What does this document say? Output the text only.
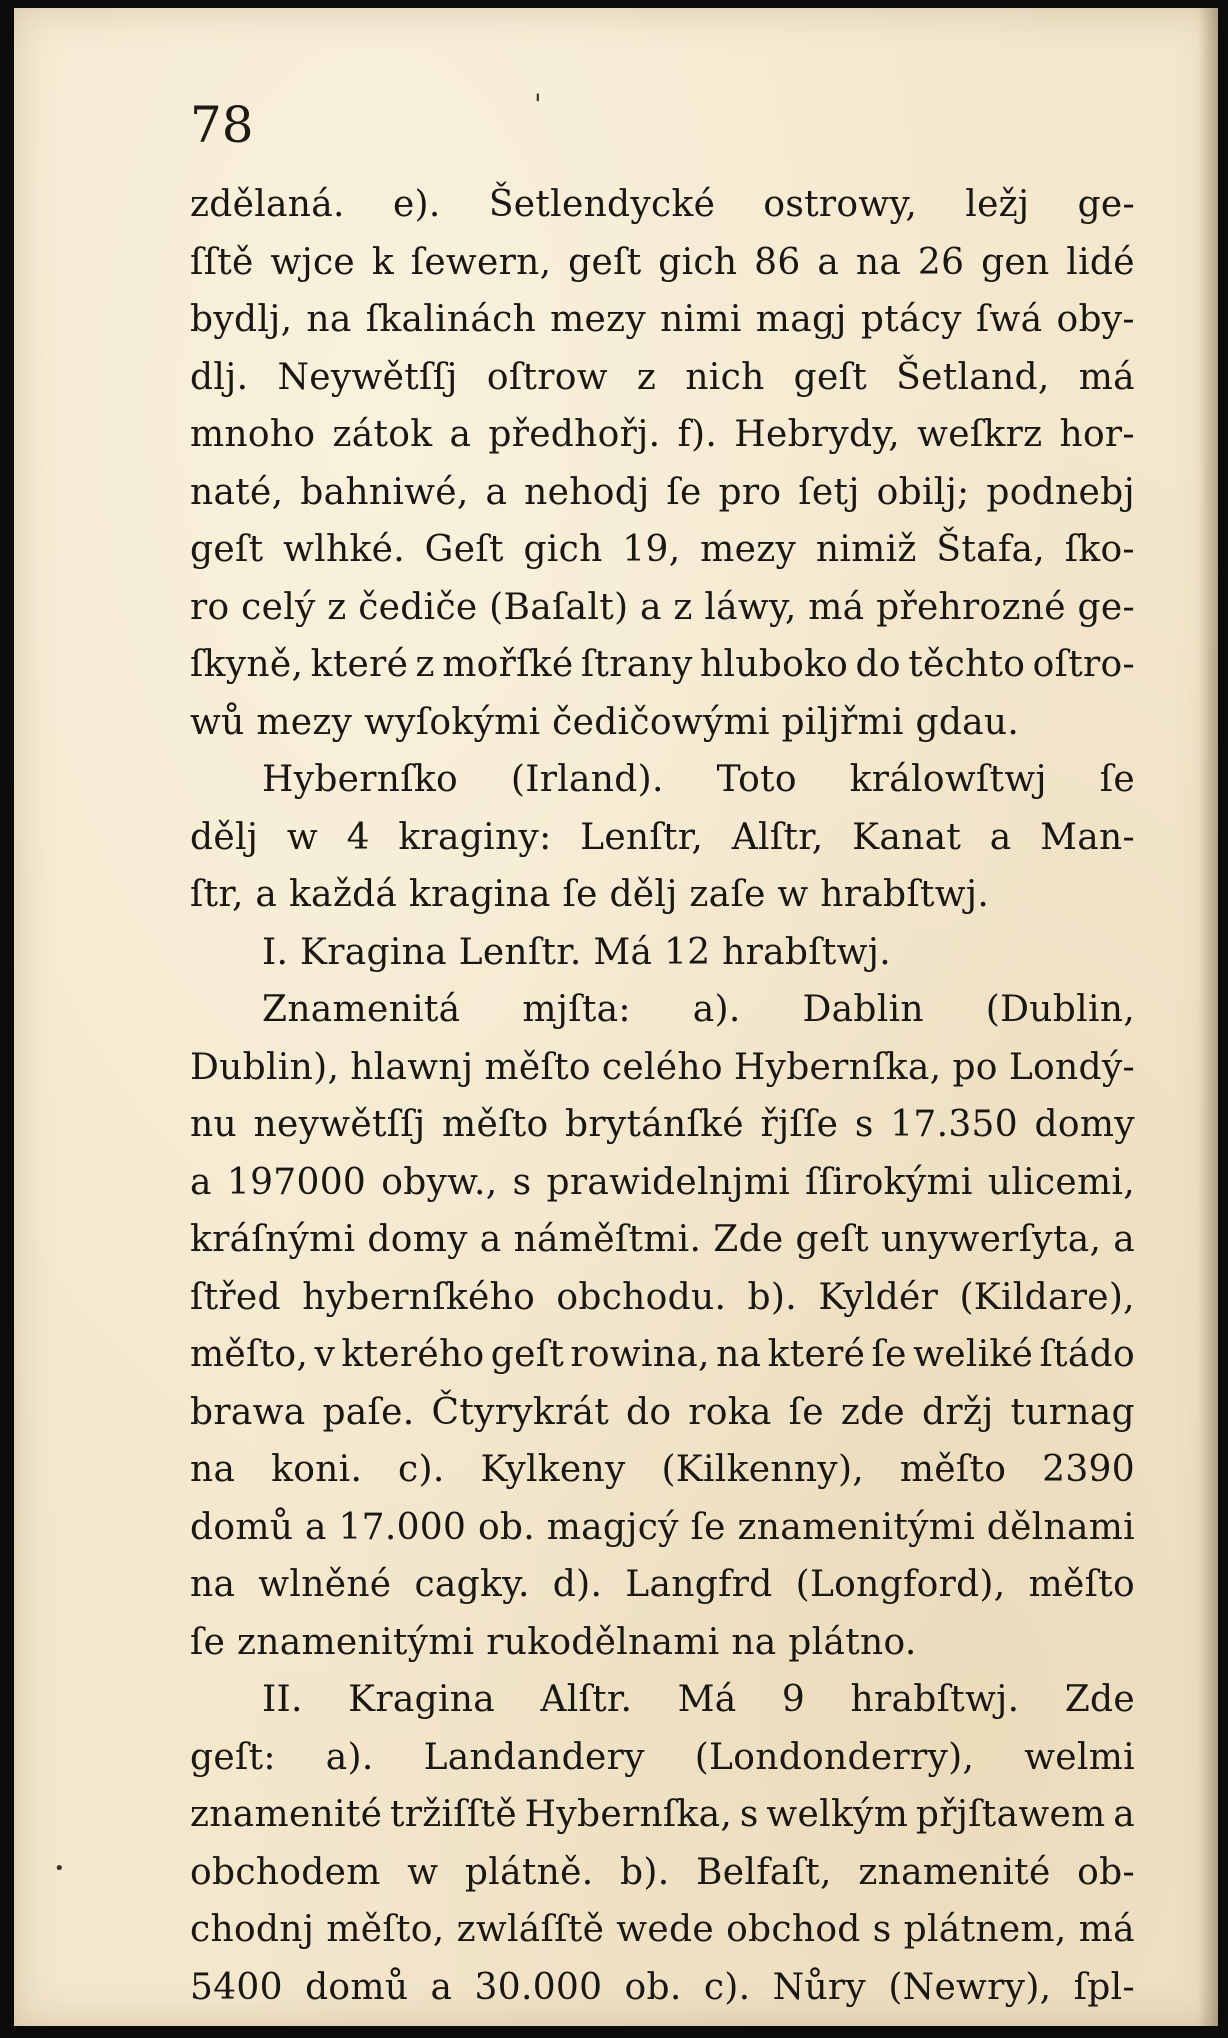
78	'
•
zdělaná. e). Šetlendycké ostrowy, ležj ge-
ſſtě wjce k ſewern, geſt gich 86 a na 26 gen lidé
bydlj, na ſkalinách mezy nimi magj ptácy ſwá oby-
dlj. Neywětſſj oſtrow z nich geſt Šetland, má
mnoho zátok a předhořj. f). Hebrydy, weſkrz hor-
naté, bahniwé, a nehodj ſe pro ſetj obilj; podnebj
geſt wlhké. Geſt gich 19, mezy nimiž Štafa, ſko-
ro celý z čediče (Baſalt) a z láwy, má přehrozné ge-
ſkyně, které z mořſké ſtrany hluboko do těchto oſtro-
wů mezy wyſokými čedičowými piljřmi gdau.
Hybernſko (Irland). Toto králowſtwj ſe
dělj w 4 kraginy: Lenſtr, Alſtr, Kanat a Man-
ſtr, a každá kragina ſe dělj zaſe w hrabſtwj.
I. Kragina Lenſtr. Má 12 hrabſtwj.
Znamenitá mjſta: a). Dablin (Dublin,
Dublin), hlawnj měſto celého Hybernſka, po Londý-
nu neywětſſj měſto brytánſké řjſſe s 17.350 domy
a 197000 obyw., s prawidelnjmi ſſirokými ulicemi,
kráſnými domy a náměſtmi. Zde geſt unywerſyta, a
ſtřed hybernſkého obchodu. b). Kyldér (Kildare),
měſto, v kterého geſt rowina, na které ſe weliké ſtádo
brawa paſe. Čtyrykrát do roka ſe zde držj turnag
na koni. c). Kylkeny (Kilkenny), měſto 2390
domů a 17.000 ob. magjcý ſe znamenitými dělnami
na wlněné cagky. d). Langfrd (Longford), měſto
ſe znamenitými rukodělnami na plátno.
II. Kragina Alſtr. Má 9 hrabſtwj. Zde
geſt: a). Landandery (Londonderry), welmi
znamenité tržiſſtě Hybernſka, s welkým přjſtawem a
obchodem w plátně. b). Belfaſt, znamenité ob-
chodnj měſto, zwláſſtě wede obchod s plátnem, má
5400 domů a 30.000 ob. c). Nůry (Newry), ſpl-
